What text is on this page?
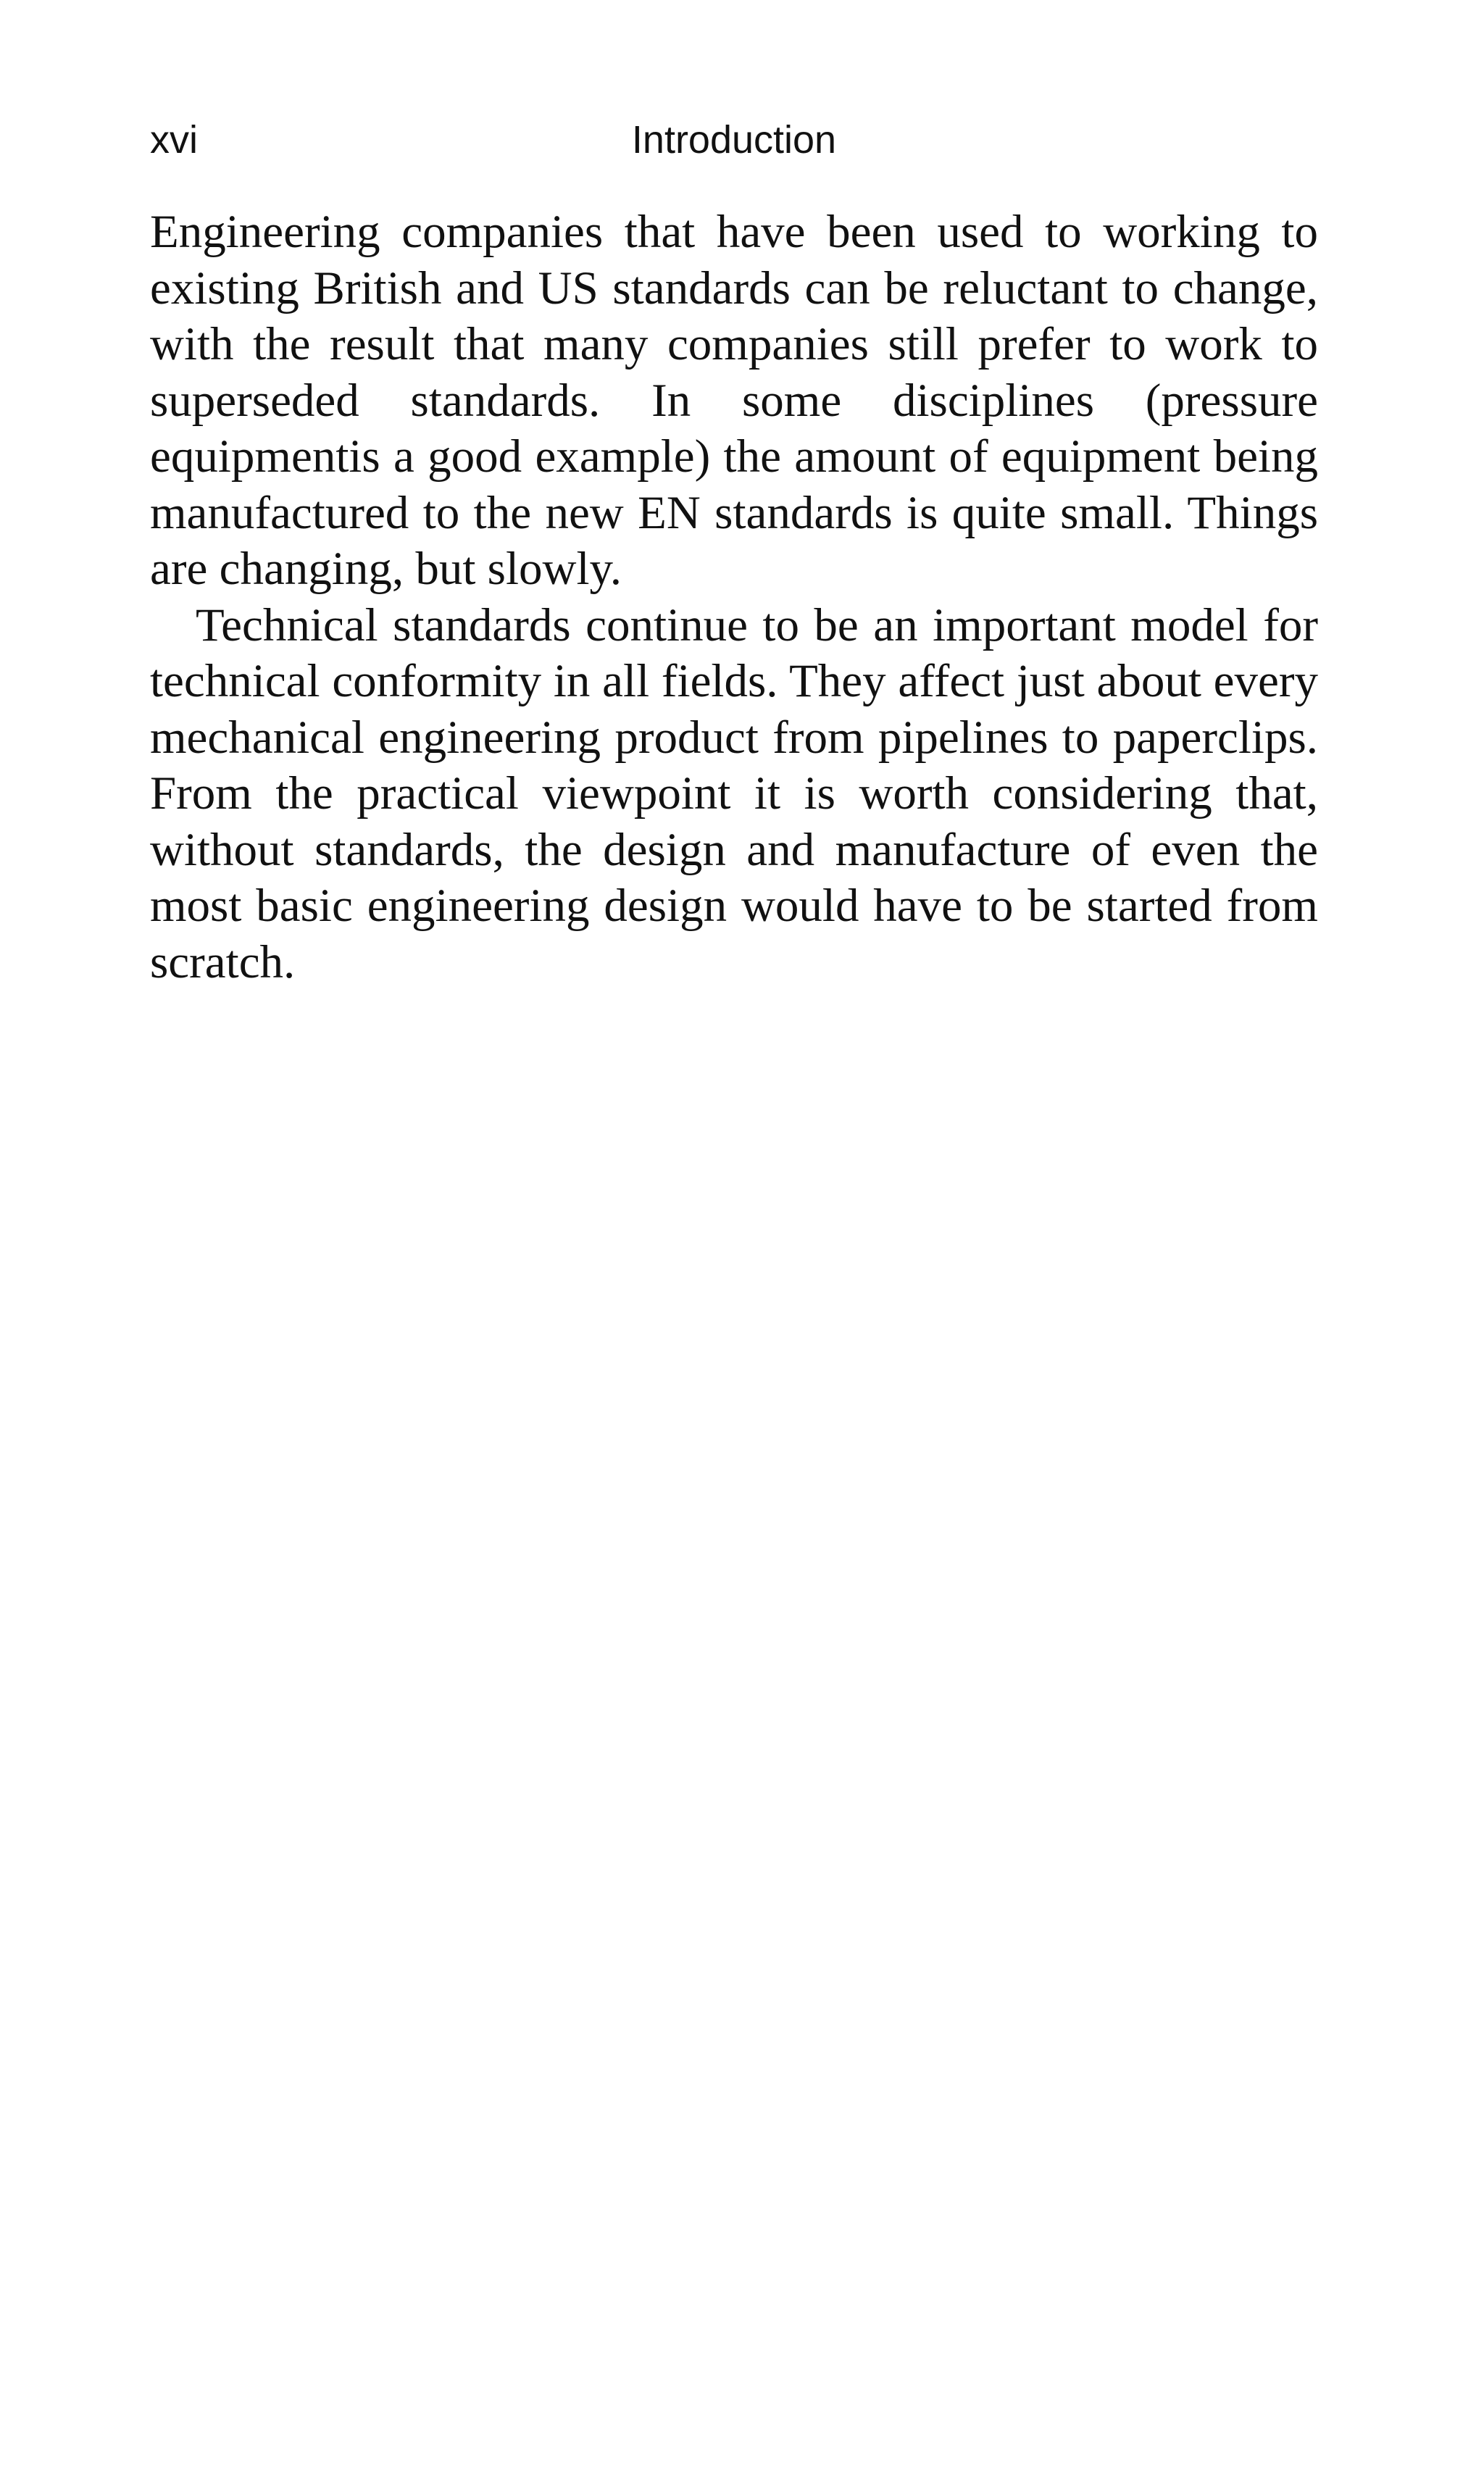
xvi	Introduction

Engineering companies that have been used to working to existing British and US standards can be reluctant to change, with the result that many companies still prefer to work to superseded standards. In some disciplines (pressure equipmentis a good example) the amount of equipment being manufactured to the new EN standards is quite small. Things are changing, but slowly.

Technical standards continue to be an important model for technical conformity in all fields. They affect just about every mechanical engineering product from pipelines to paperclips. From the practical viewpoint it is worth considering that, without standards, the design and manufacture of even the most basic engineering design would have to be started from scratch.
